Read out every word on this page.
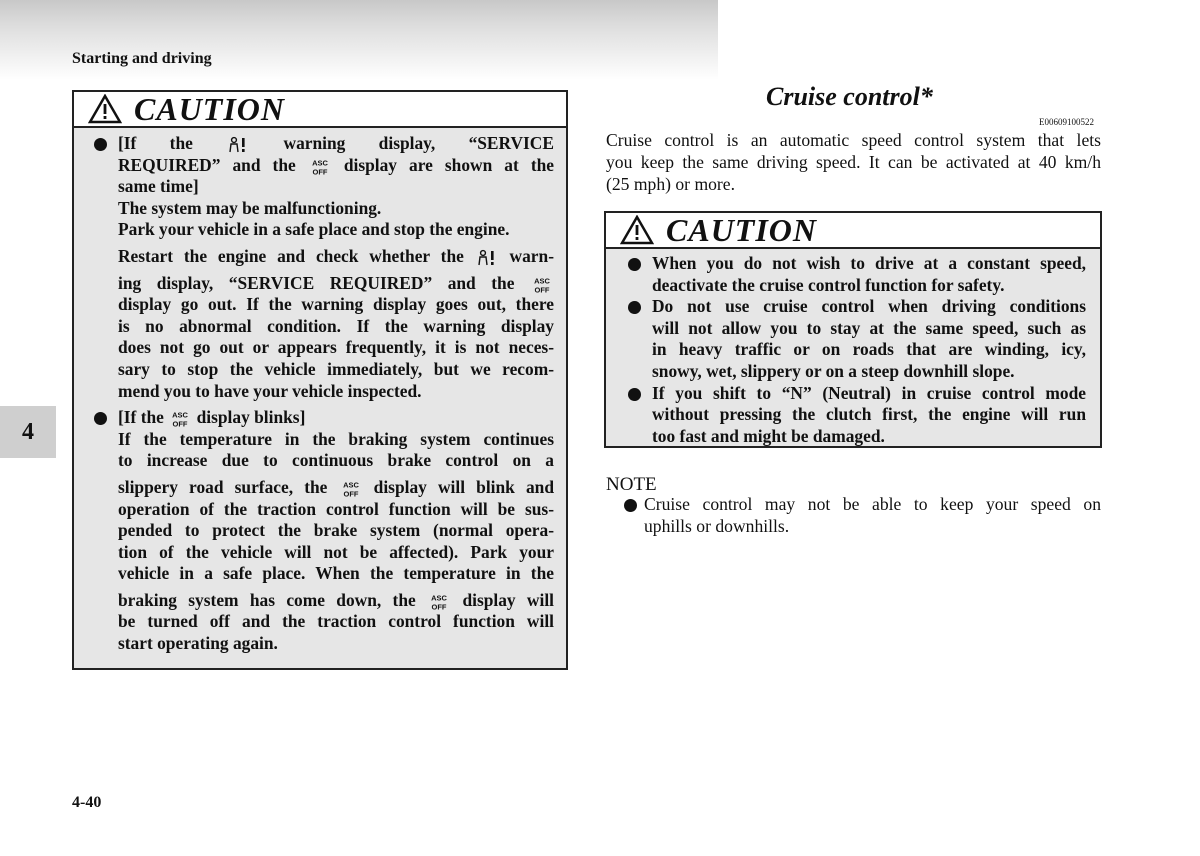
Starting and driving
4
4-40
CAUTION
[If the	warning display, “SERVICE
REQUIRED” and the ASC
OFF display are shown at the
same time]
The system may be malfunctioning.
Park your vehicle in a safe place and stop the engine.
Restart the engine and check whether the	warn-
ing display, “SERVICE REQUIRED” and the	ASC
OFF
display go out. If the warning display goes out, there
is no abnormal condition. If the warning display
does not go out or appears frequently, it is not neces-
sary to stop the vehicle immediately, but we recom-
mend you to have your vehicle inspected.
[If the ASC
OFF display blinks]
If the temperature in the braking system continues
to increase due to continuous brake control on a
slippery road surface, the ASC
OFF display will blink and
operation of the traction control function will be sus-
pended to protect the brake system (normal opera-
tion of the vehicle will not be affected). Park your
vehicle in a safe place. When the temperature in the
braking system has come down, the ASC
OFF display will
be turned off and the traction control function will
start operating again.
Cruise control*
E00609100522
Cruise control is an automatic speed control system that lets
you keep the same driving speed. It can be activated at 40 km/h
(25 mph) or more.
CAUTION
When you do not wish to drive at a constant speed,
deactivate the cruise control function for safety.
Do not use cruise control when driving conditions
will not allow you to stay at the same speed, such as
in heavy traffic or on roads that are winding, icy,
snowy, wet, slippery or on a steep downhill slope.
If you shift to “N” (Neutral) in cruise control mode
without pressing the clutch first, the engine will run
too fast and might be damaged.
NOTE
Cruise control may not be able to keep your speed on
uphills or downhills.
